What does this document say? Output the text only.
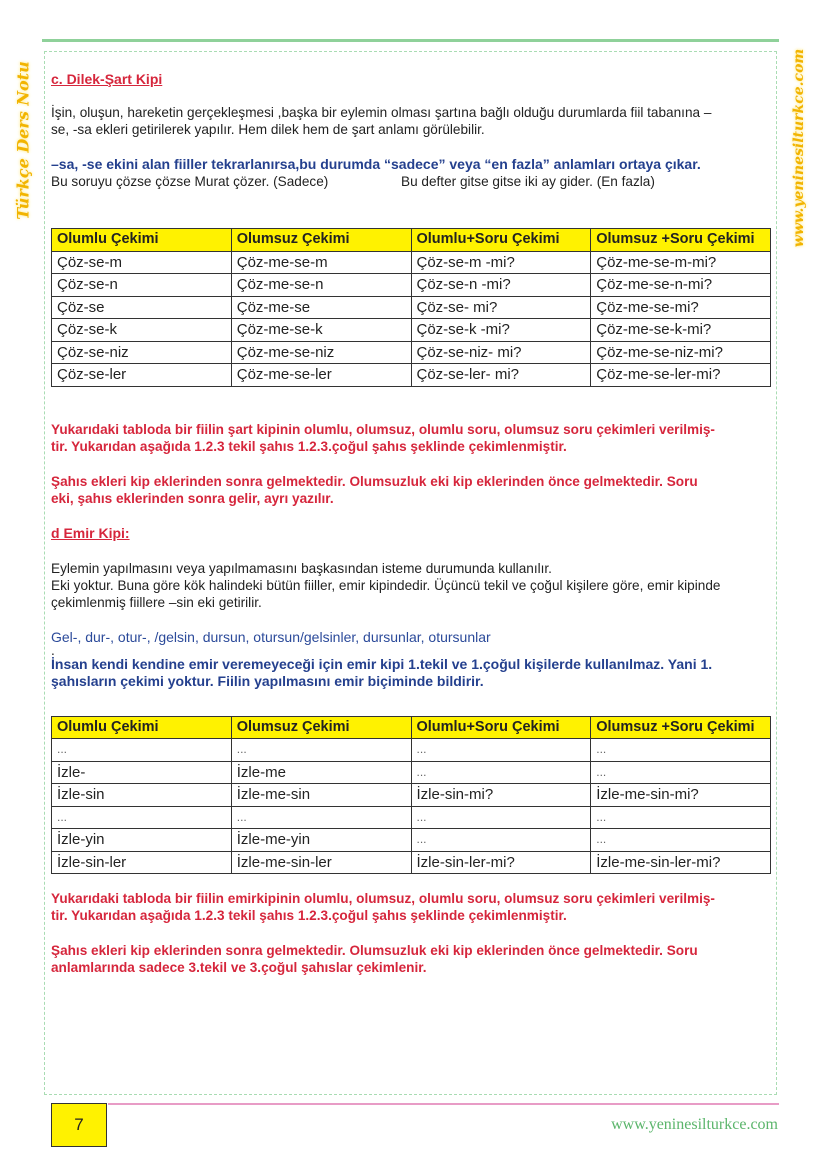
Türkçe Ders Notu	www.yeninesilturkce.com
c. Dilek-Şart Kipi

İşin, oluşun, hareketin gerçekleşmesi ,başka bir eylemin olması şartına bağlı olduğu durumlarda fiil tabanına –

se, -sa ekleri getirilerek yapılır. Hem dilek hem de şart anlamı görülebilir.

–sa, -se ekini alan fiiller tekrarlanırsa,bu durumda “sadece” veya “en fazla” anlamları ortaya çıkar.

Bu soruyu çözse çözse Murat çözer. (Sadece)	Bu defter gitse gitse iki ay gider. (En fazla)
Olumlu Çekimi	Olumsuz Çekimi	Olumlu+Soru Çekimi	Olumsuz +Soru Çekimi
Çöz-se-m	Çöz-me-se-m	Çöz-se-m -mi?	Çöz-me-se-m-mi?
Çöz-se-n	Çöz-me-se-n	Çöz-se-n -mi?	Çöz-me-se-n-mi?
Çöz-se	Çöz-me-se	Çöz-se- mi?	Çöz-me-se-mi?
Çöz-se-k	Çöz-me-se-k	Çöz-se-k -mi?	Çöz-me-se-k-mi?
Çöz-se-niz	Çöz-me-se-niz	Çöz-se-niz- mi?	Çöz-me-se-niz-mi?
Çöz-se-ler	Çöz-me-se-ler	Çöz-se-ler- mi?	Çöz-me-se-ler-mi?

Yukarıdaki tabloda bir fiilin şart kipinin olumlu, olumsuz, olumlu soru, olumsuz soru çekimleri verilmiş-

tir. Yukarıdan aşağıda 1.2.3 tekil şahıs 1.2.3.çoğul şahıs şeklinde çekimlenmiştir.

Şahıs ekleri kip eklerinden sonra gelmektedir. Olumsuzluk eki kip eklerinden önce gelmektedir. Soru

eki, şahıs eklerinden sonra gelir, ayrı yazılır.

d Emir Kipi:

Eylemin yapılmasını veya yapılmamasını başkasından isteme durumunda kullanılır.

Eki yoktur. Buna göre kök halindeki bütün fiiller, emir kipindedir. Üçüncü tekil ve çoğul kişilere göre, emir kipinde

çekimlenmiş fiillere –sin eki getirilir.

Gel-, dur-, otur-, /gelsin, dursun, otursun/gelsinler, dursunlar, otursunlar

.

İnsan kendi kendine emir veremeyeceği için emir kipi 1.tekil ve 1.çoğul kişilerde kullanılmaz. Yani 1.

şahısların çekimi yoktur. Fiilin yapılmasını emir biçiminde bildirir.

Olumlu Çekimi	Olumsuz Çekimi	Olumlu+Soru Çekimi	Olumsuz +Soru Çekimi
...	...	...	...
İzle-	İzle-me	...	...
İzle-sin	İzle-me-sin	İzle-sin-mi?	İzle-me-sin-mi?
...	...	...	...
İzle-yin	İzle-me-yin	...	...
İzle-sin-ler	İzle-me-sin-ler	İzle-sin-ler-mi?	İzle-me-sin-ler-mi?

Yukarıdaki tabloda bir fiilin emirkipinin olumlu, olumsuz, olumlu soru, olumsuz soru çekimleri verilmiş-

tir. Yukarıdan aşağıda 1.2.3 tekil şahıs 1.2.3.çoğul şahıs şeklinde çekimlenmiştir.

Şahıs ekleri kip eklerinden sonra gelmektedir. Olumsuzluk eki kip eklerinden önce gelmektedir. Soru

anlamlarında sadece 3.tekil ve 3.çoğul şahıslar çekimlenir.

7	www.yeninesilturkce.com
